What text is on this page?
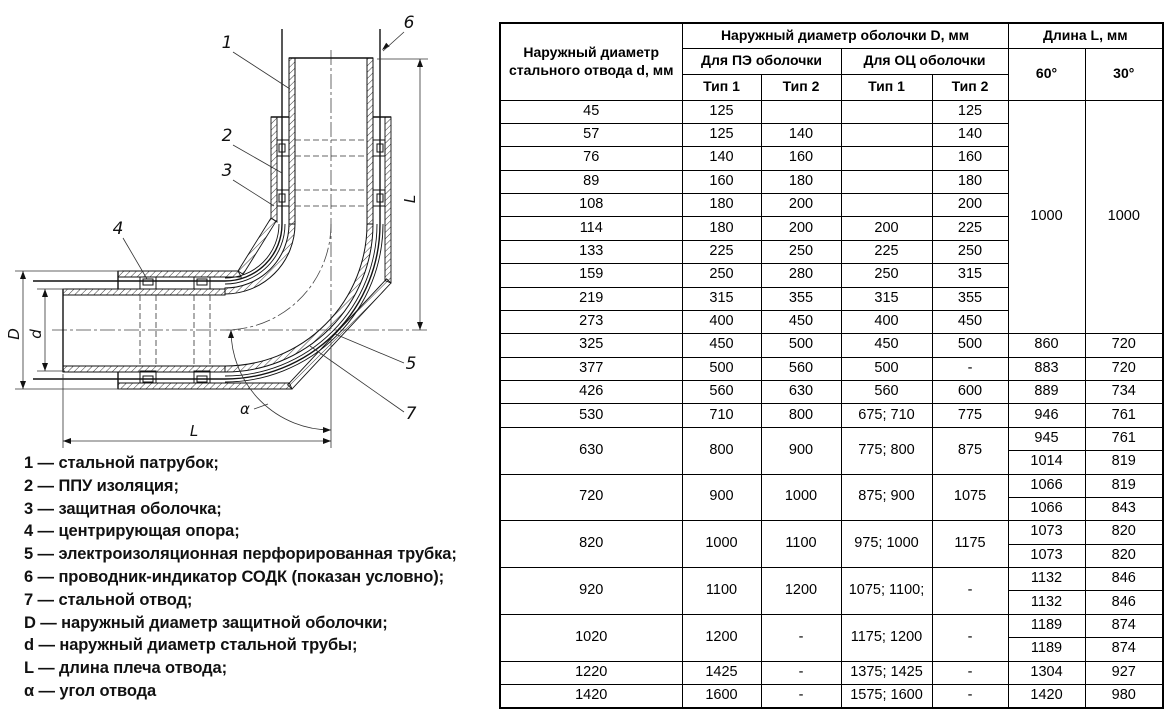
1
2
3
4
5
6
7
D d
L
L
α
1 — стальной патрубок;
2 — ППУ изоляция;
3 — защитная оболочка;
4 — центрирующая опора;
5 — электроизоляционная перфорированная трубка;
6 — проводник-индикатор СОДК (показан условно);
7 — стальной отвод;
D — наружный диаметр защитной оболочки;
d — наружный диаметр стальной трубы;
L — длина плеча отвода;
α — угол отвода
Наружный диаметр стального отвода d, мм	Наружный диаметр оболочки D, мм				Длина L, мм	
	Для ПЭ оболочки		Для ОЦ оболочки		60°	30°
	Тип 1	Тип 2	Тип 1	Тип 2		
45	125			125	1000	1000
57	125	140		140		
76	140	160		160		
89	160	180		180		
108	180	200		200		
114	180	200	200	225		
133	225	250	225	250		
159	250	280	250	315		
219	315	355	315	355		
273	400	450	400	450		
325	450	500	450	500	860	720
377	500	560	500	-	883	720
426	560	630	560	600	889	734
530	710	800	675; 710	775	946	761
630	800	900	775; 800	875	945	761
					1014	819
720	900	1000	875; 900	1075	1066	819
					1066	843
820	1000	1100	975; 1000	1175	1073	820
					1073	820
920	1100	1200	1075; 1100;	-	1132	846
					1132	846
1020	1200	-	1175; 1200	-	1189	874
					1189	874
1220	1425	-	1375; 1425	-	1304	927
1420	1600	-	1575; 1600	-	1420	980
